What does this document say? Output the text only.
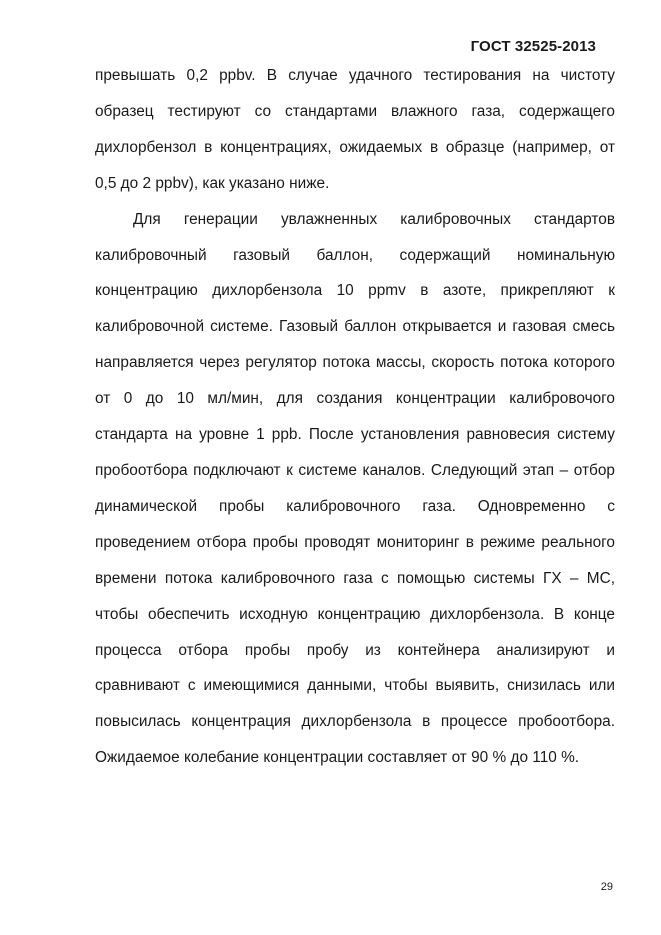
ГОСТ 32525-2013

превышать 0,2 ppbv. В случае удачного тестирования на чистоту
образец тестируют со стандартами влажного газа, содержащего
дихлорбензол в концентрациях, ожидаемых в образце (например, от
0,5 до 2 ppbv), как указано ниже.

Для генерации увлажненных калибровочных стандартов
калибровочный газовый баллон, содержащий номинальную
концентрацию дихлорбензола 10 ppmv в азоте, прикрепляют к
калибровочной системе. Газовый баллон открывается и газовая смесь
направляется через регулятор потока массы, скорость потока которого
от 0 до 10 мл/мин, для создания концентрации калибровочого
стандарта на уровне 1 ppb. После установления равновесия систему
пробоотбора подключают к системе каналов. Следующий этап – отбор
динамической пробы калибровочного газа. Одновременно с
проведением отбора пробы проводят мониторинг в режиме реального
времени потока калибровочного газа с помощью системы ГХ – МС,
чтобы обеспечить исходную концентрацию дихлорбензола. В конце
процесса отбора пробы пробу из контейнера анализируют и
сравнивают с имеющимися данными, чтобы выявить, снизилась или
повысилась концентрация дихлорбензола в процессе пробоотбора.
Ожидаемое колебание концентрации составляет от 90 % до 110 %.

29
